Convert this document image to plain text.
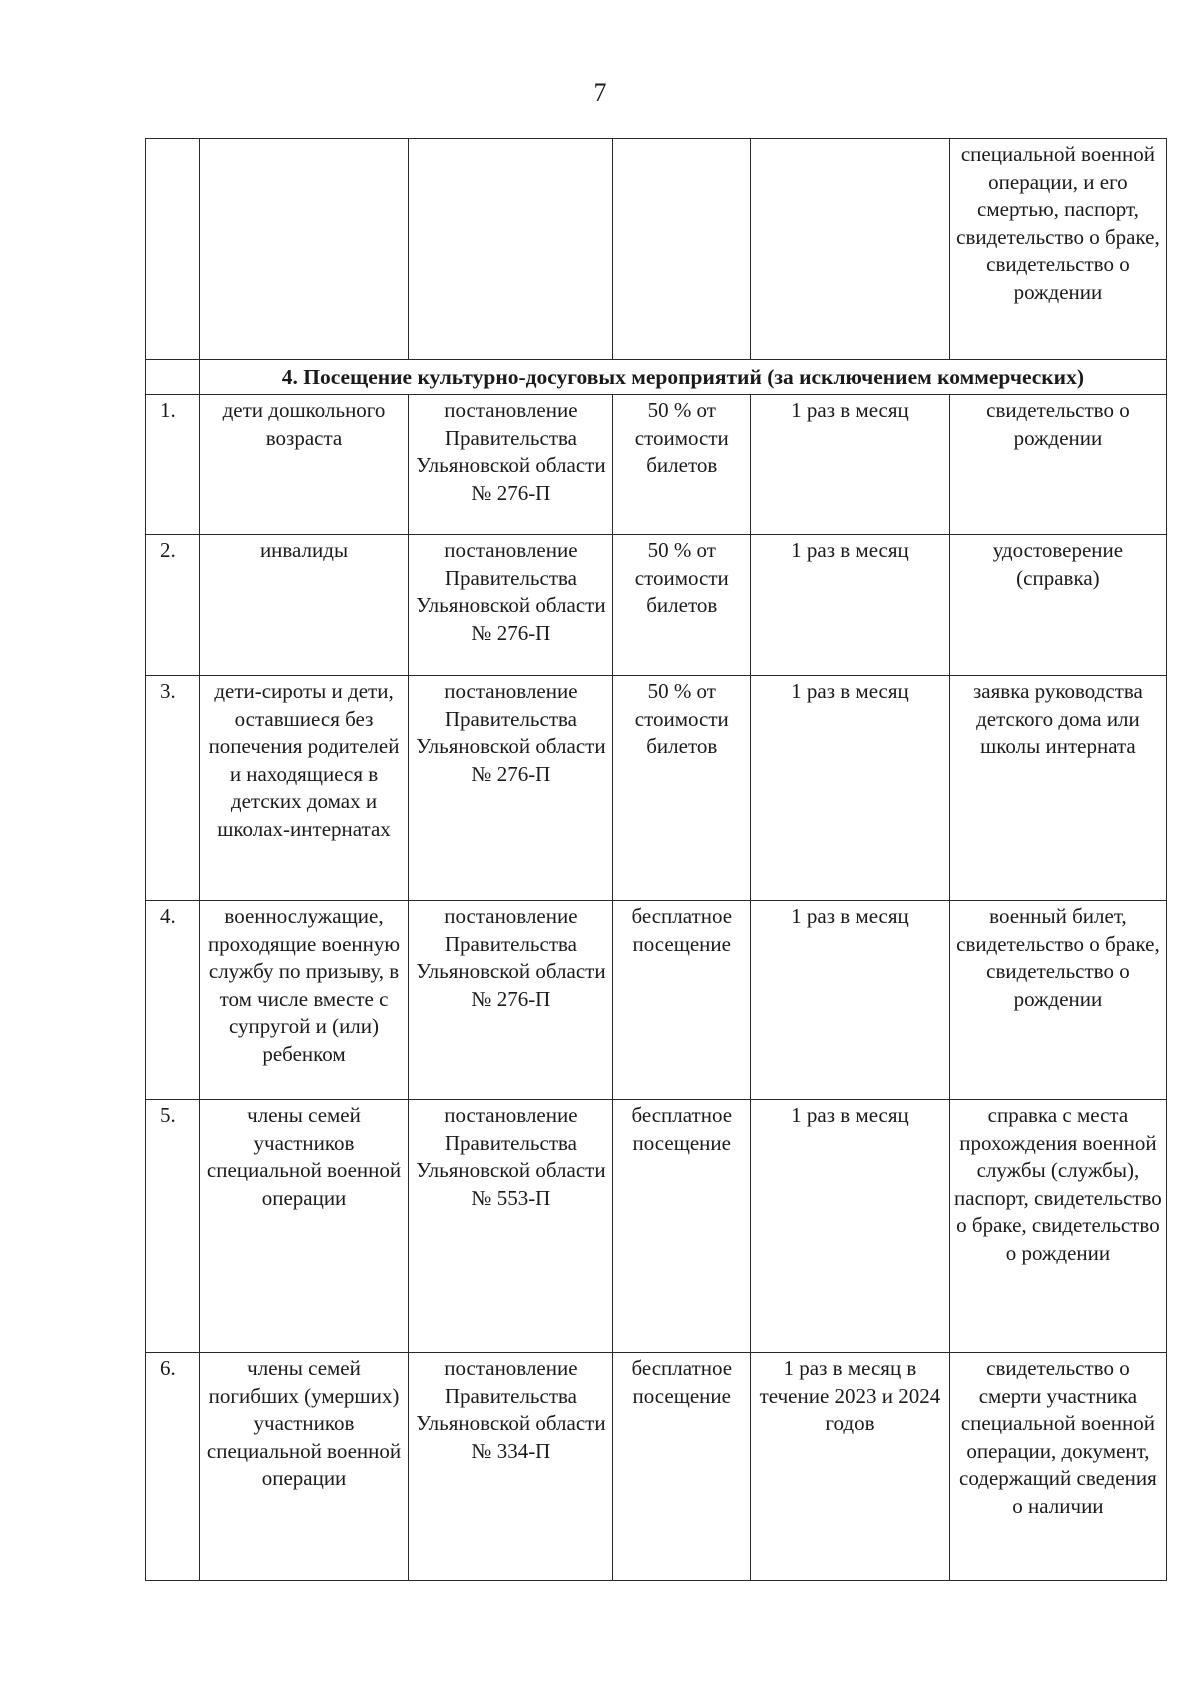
7
					специальной военной операции, и его смертью, паспорт, свидетельство о браке, свидетельство о рождении
	4. Посещение культурно-досуговых мероприятий (за исключением коммерческих)				
1.	дети дошкольного возраста	постановление Правительства Ульяновской области № 276-П	50 % от стоимости билетов	1 раз в месяц	свидетельство о рождении
2.	инвалиды	постановление Правительства Ульяновской области № 276-П	50 % от стоимости билетов	1 раз в месяц	удостоверение (справка)
3.	дети-сироты и дети, оставшиеся без попечения родителей и находящиеся в детских домах и школах-интернатах	постановление Правительства Ульяновской области № 276-П	50 % от стоимости билетов	1 раз в месяц	заявка руководства детского дома или школы интерната
4.	военнослужащие, проходящие военную службу по призыву, в том числе вместе с супругой и (или) ребенком	постановление Правительства Ульяновской области № 276-П	бесплатное посещение	1 раз в месяц	военный билет, свидетельство о браке, свидетельство о рождении
5.	члены семей участников специальной военной операции	постановление Правительства Ульяновской области № 553-П	бесплатное посещение	1 раз в месяц	справка с места прохождения военной службы (службы), паспорт, свидетельство о браке, свидетельство о рождении
6.	члены семей погибших (умерших) участников специальной военной операции	постановление Правительства Ульяновской области № 334-П	бесплатное посещение	1 раз в месяц в течение 2023 и 2024 годов	свидетельство о смерти участника специальной военной операции, документ, содержащий сведения о наличии
